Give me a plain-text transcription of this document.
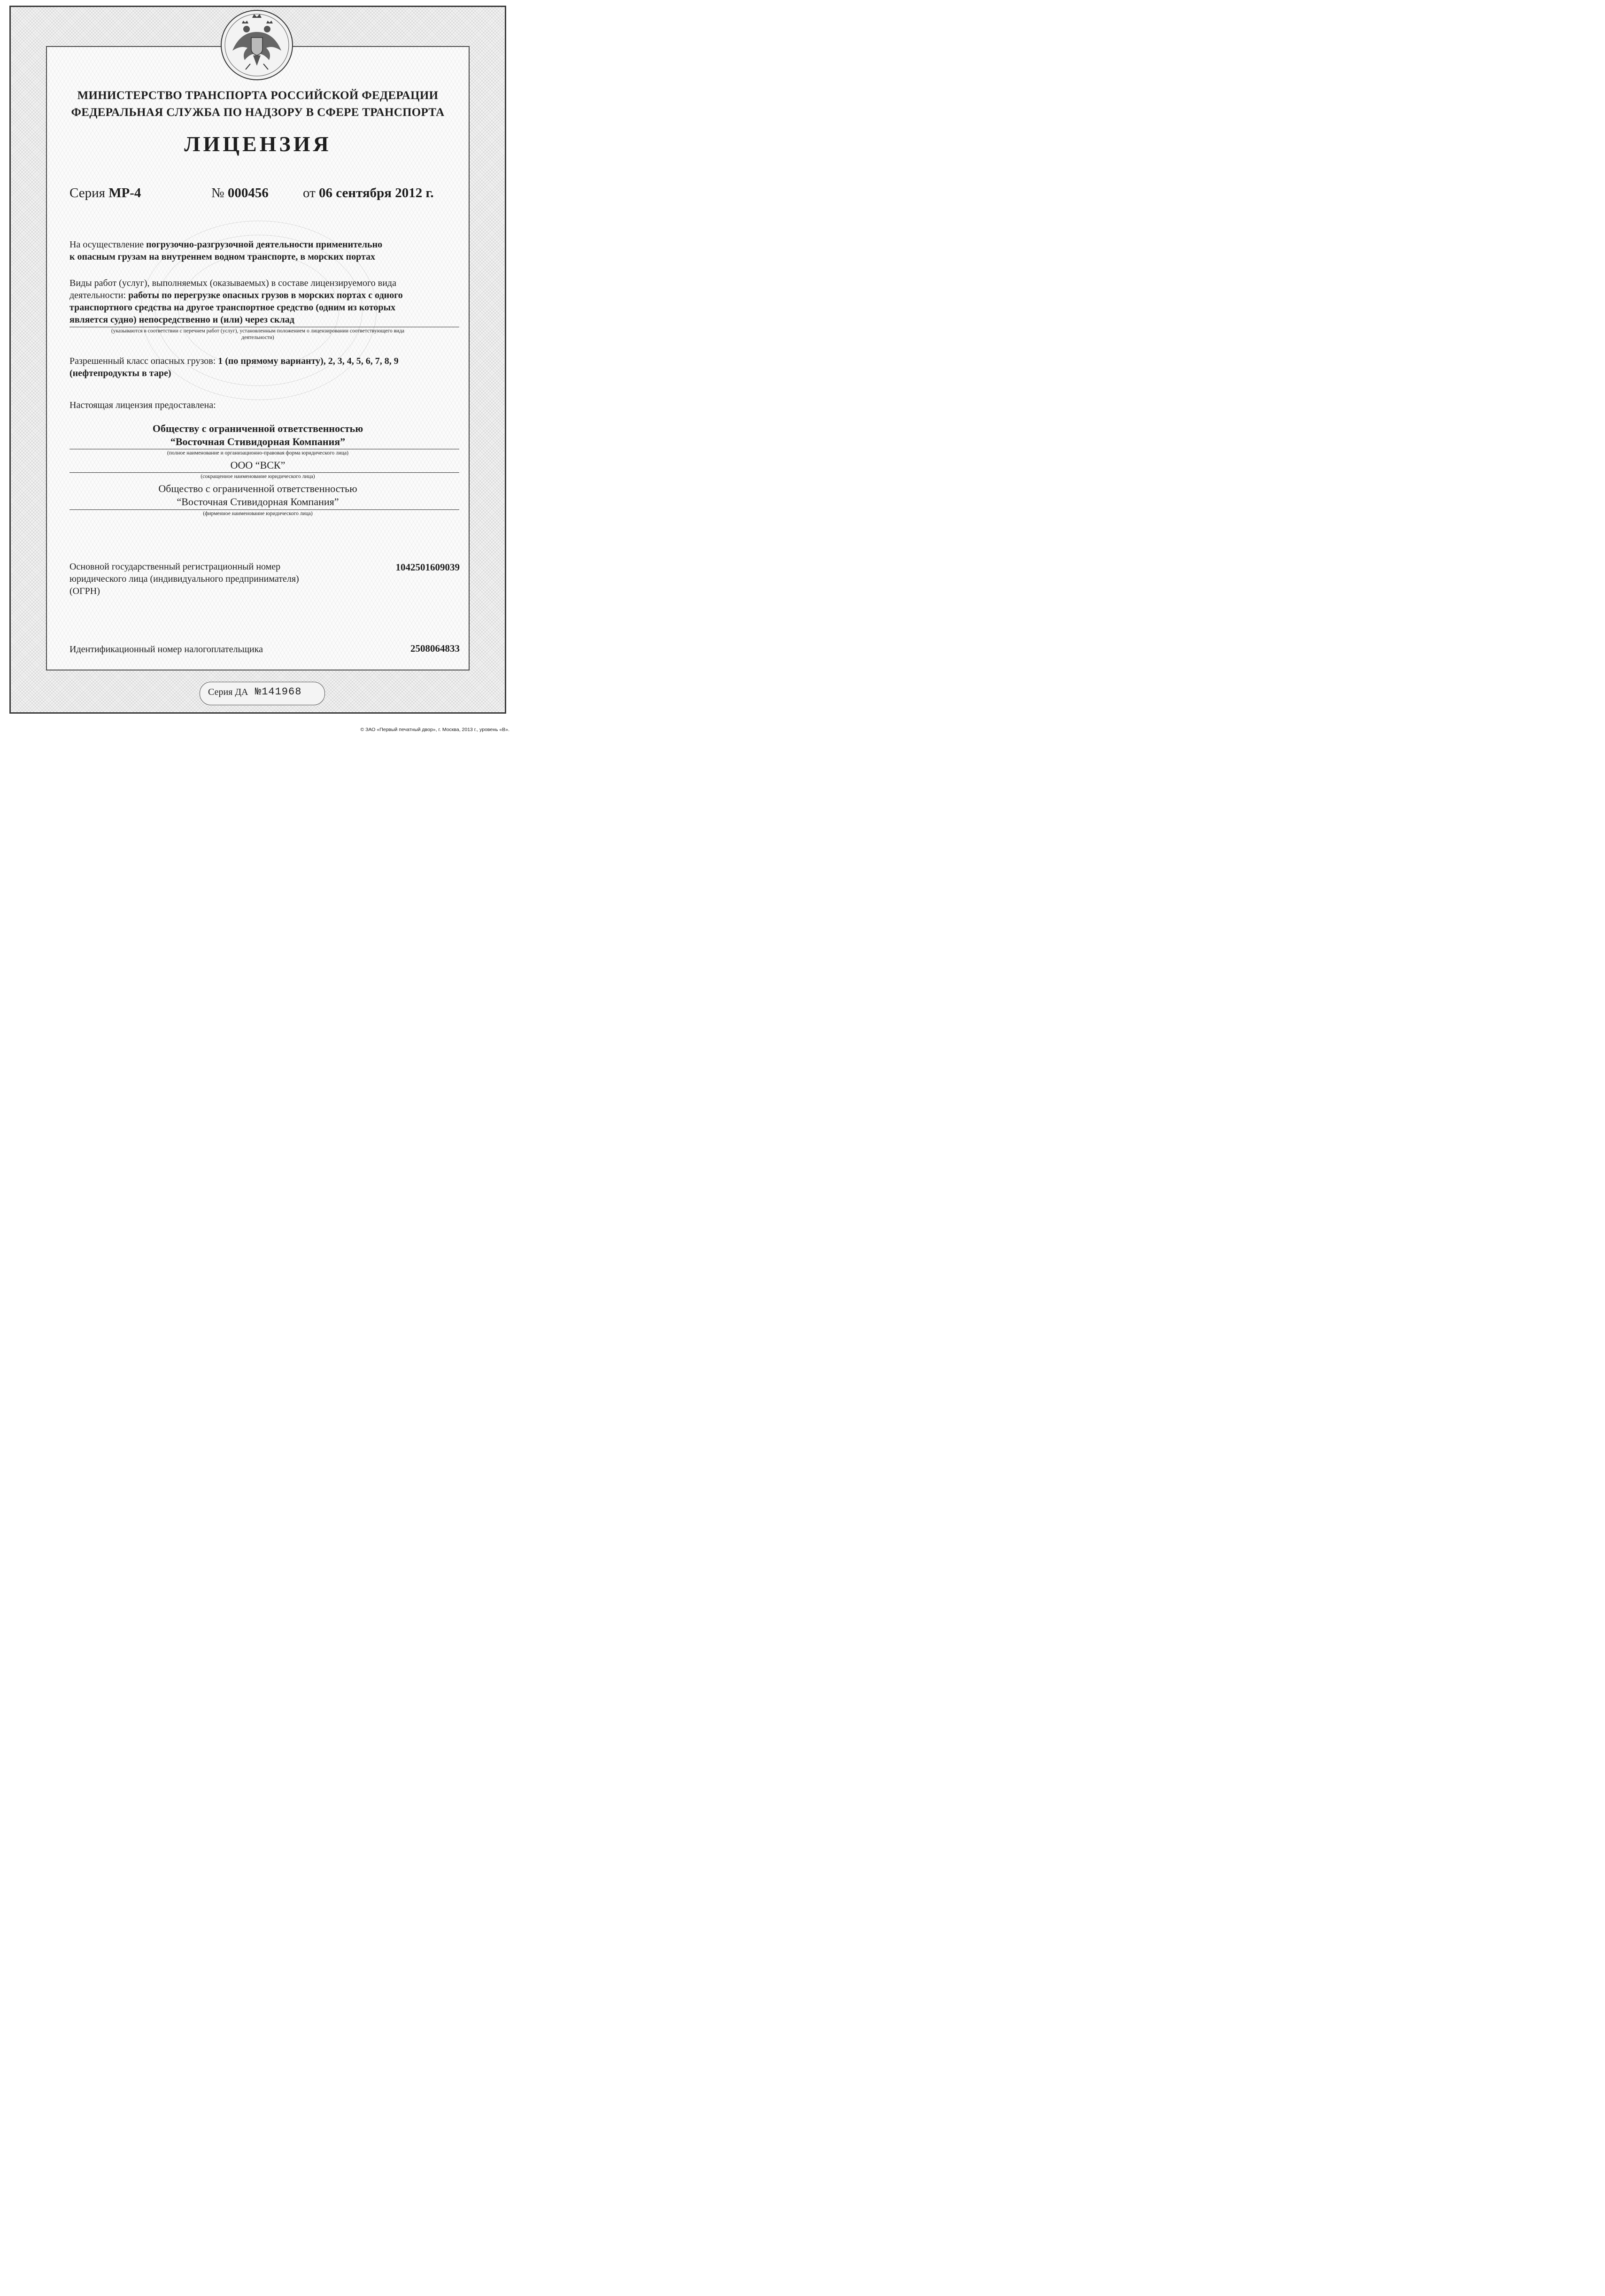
МИНИСТЕРСТВО ТРАНСПОРТА РОССИЙСКОЙ ФЕДЕРАЦИИ
ФЕДЕРАЛЬНАЯ СЛУЖБА ПО НАДЗОРУ В СФЕРЕ ТРАНСПОРТА
ЛИЦЕНЗИЯ
Серия МР-4	№ 000456	от 06 сентября 2012 г.
На осуществление погрузочно-разгрузочной деятельности применительно
к опасным грузам на внутреннем водном транспорте, в морских портах
Виды работ (услуг), выполняемых (оказываемых) в составе лицензируемого вида
деятельности: работы по перегрузке опасных грузов в морских портах с одного
транспортного средства на другое транспортное средство (одним из которых
является судно) непосредственно и (или) через склад
(указываются в соответствии с перечнем работ (услуг), установленным положением о лицензировании соответствующего вида
деятельности)
Разрешенный класс опасных грузов: 1 (по прямому варианту), 2, 3, 4, 5, 6, 7, 8, 9
(нефтепродукты в таре)
Настоящая лицензия предоставлена:
Обществу с ограниченной ответственностью
“Восточная Стивидорная Компания”
(полное наименование и организационно-правовая форма юридического лица)
ООО “ВСК”
(сокращенное наименование юридического лица)
Общество с ограниченной ответственностью
“Восточная Стивидорная Компания”
(фирменное наименование юридического лица)
Основной государственный регистрационный номер
юридического лица (индивидуального предпринимателя)
(ОГРН)
1042501609039
Идентификационный номер налогоплательщика	2508064833
Серия ДА №141968
© ЗАО «Первый печатный двор», г. Москва, 2013 г., уровень «В».
